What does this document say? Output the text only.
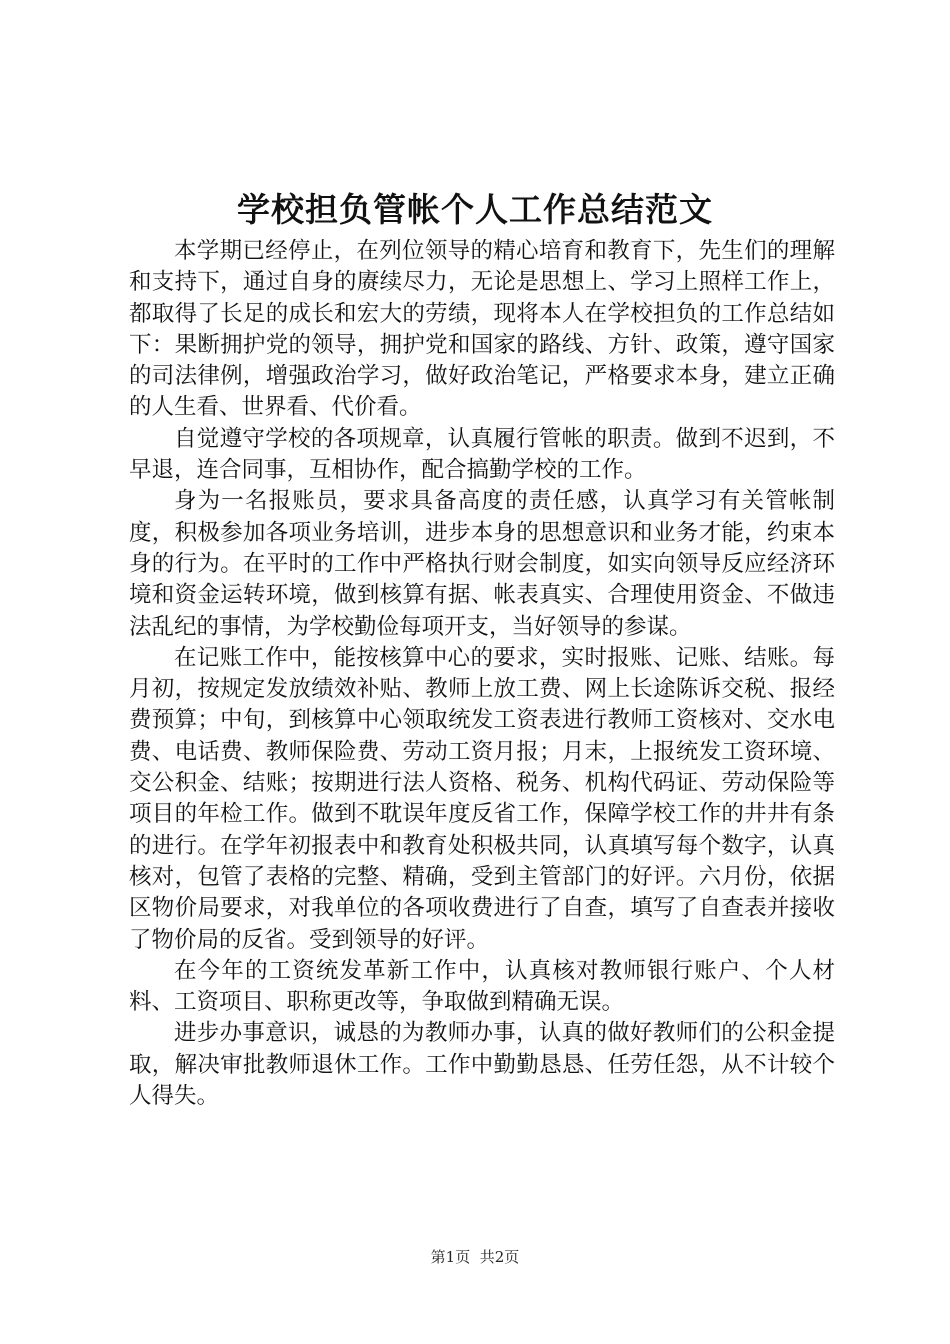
学校担负管帐个人工作总结范文

本学期已经停止，在列位领导的精心培育和教育下，先生们的理解和支持下，通过自身的赓续尽力，无论是思想上、学习上照样工作上，都取得了长足的成长和宏大的劳绩，现将本人在学校担负的工作总结如下：果断拥护党的领导，拥护党和国家的路线、方针、政策，遵守国家的司法律例，增强政治学习，做好政治笔记，严格要求本身，建立正确的人生看、世界看、代价看。

自觉遵守学校的各项规章，认真履行管帐的职责。做到不迟到，不早退，连合同事，互相协作，配合搞勤学校的工作。

身为一名报账员，要求具备高度的责任感，认真学习有关管帐制度，积极参加各项业务培训，进步本身的思想意识和业务才能，约束本身的行为。在平时的工作中严格执行财会制度，如实向领导反应经济环境和资金运转环境，做到核算有据、帐表真实、合理使用资金、不做违法乱纪的事情，为学校勤俭每项开支，当好领导的参谋。

在记账工作中，能按核算中心的要求，实时报账、记账、结账。每月初，按规定发放绩效补贴、教师上放工费、网上长途陈诉交税、报经费预算；中旬，到核算中心领取统发工资表进行教师工资核对、交水电费、电话费、教师保险费、劳动工资月报；月末，上报统发工资环境、交公积金、结账；按期进行法人资格、税务、机构代码证、劳动保险等项目的年检工作。做到不耽误年度反省工作，保障学校工作的井井有条的进行。在学年初报表中和教育处积极共同，认真填写每个数字，认真核对，包管了表格的完整、精确，受到主管部门的好评。六月份，依据区物价局要求，对我单位的各项收费进行了自查，填写了自查表并接收了物价局的反省。受到领导的好评。

在今年的工资统发革新工作中，认真核对教师银行账户、个人材料、工资项目、职称更改等，争取做到精确无误。

进步办事意识，诚恳的为教师办事，认真的做好教师们的公积金提取，解决审批教师退休工作。工作中勤勤恳恳、任劳任怨，从不计较个人得失。

第1页 共2页
